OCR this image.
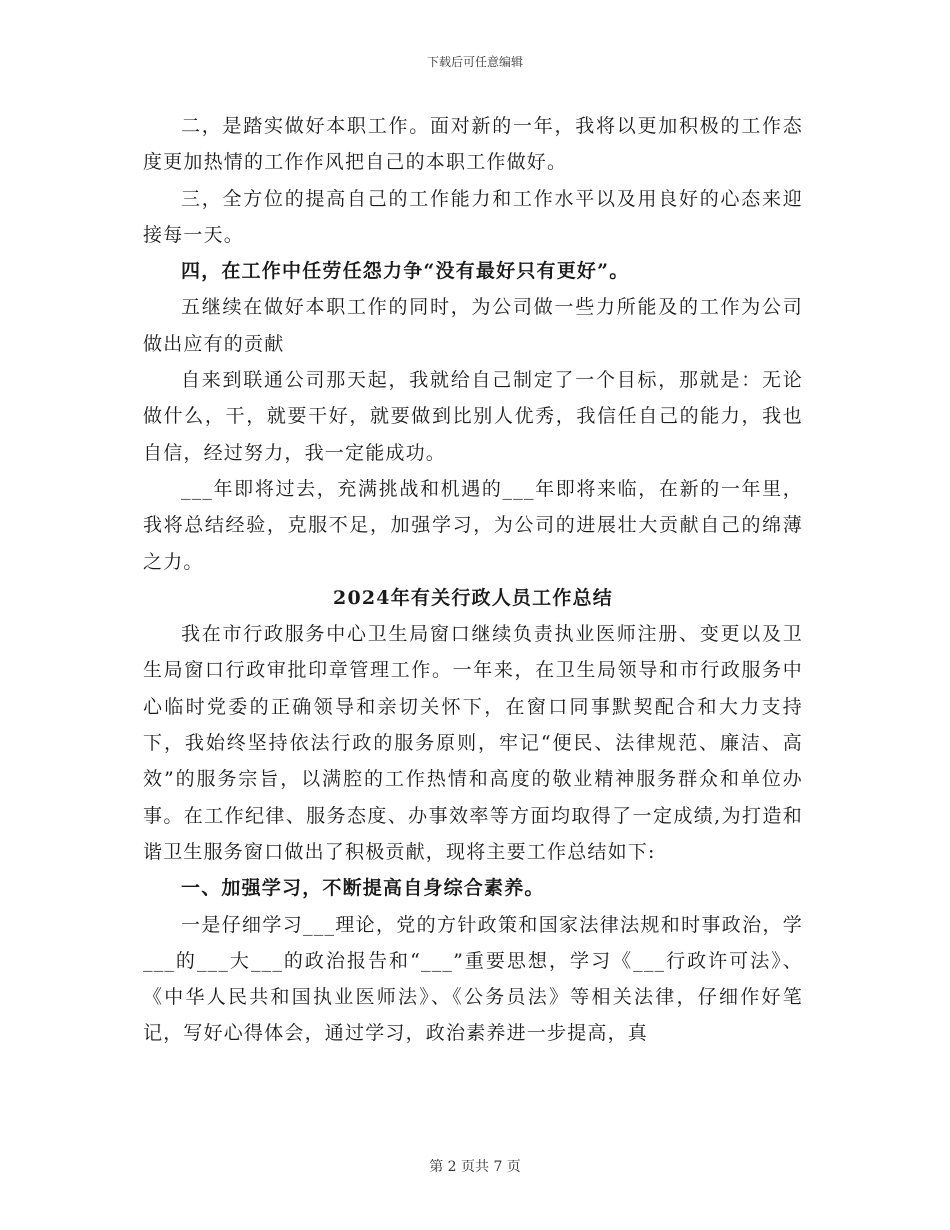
下载后可任意编辑

二，是踏实做好本职工作。面对新的一年，我将以更加积极的工作态度更加热情的工作作风把自己的本职工作做好。

三，全方位的提高自己的工作能力和工作水平以及用良好的心态来迎接每一天。

四，在工作中任劳任怨力争“没有最好只有更好”。

五继续在做好本职工作的同时，为公司做一些力所能及的工作为公司做出应有的贡献

自来到联通公司那天起，我就给自己制定了一个目标，那就是：无论做什么，干，就要干好，就要做到比别人优秀，我信任自己的能力，我也自信，经过努力，我一定能成功。

___年即将过去，充满挑战和机遇的___年即将来临，在新的一年里，我将总结经验，克服不足，加强学习，为公司的进展壮大贡献自己的绵薄之力。

2024年有关行政人员工作总结

我在市行政服务中心卫生局窗口继续负责执业医师注册、变更以及卫生局窗口行政审批印章管理工作。一年来，在卫生局领导和市行政服务中心临时党委的正确领导和亲切关怀下，在窗口同事默契配合和大力支持下，我始终坚持依法行政的服务原则，牢记“便民、法律规范、廉洁、高效”的服务宗旨，以满腔的工作热情和高度的敬业精神服务群众和单位办事。在工作纪律、服务态度、办事效率等方面均取得了一定成绩,为打造和谐卫生服务窗口做出了积极贡献，现将主要工作总结如下:

一、加强学习，不断提高自身综合素养。

一是仔细学习___理论，党的方针政策和国家法律法规和时事政治，学___的___大___的政治报告和“___”重要思想，学习《___行政许可法》、《中华人民共和国执业医师法》、《公务员法》等相关法律，仔细作好笔记，写好心得体会，通过学习，政治素养进一步提高，真

第 2 页共 7 页
